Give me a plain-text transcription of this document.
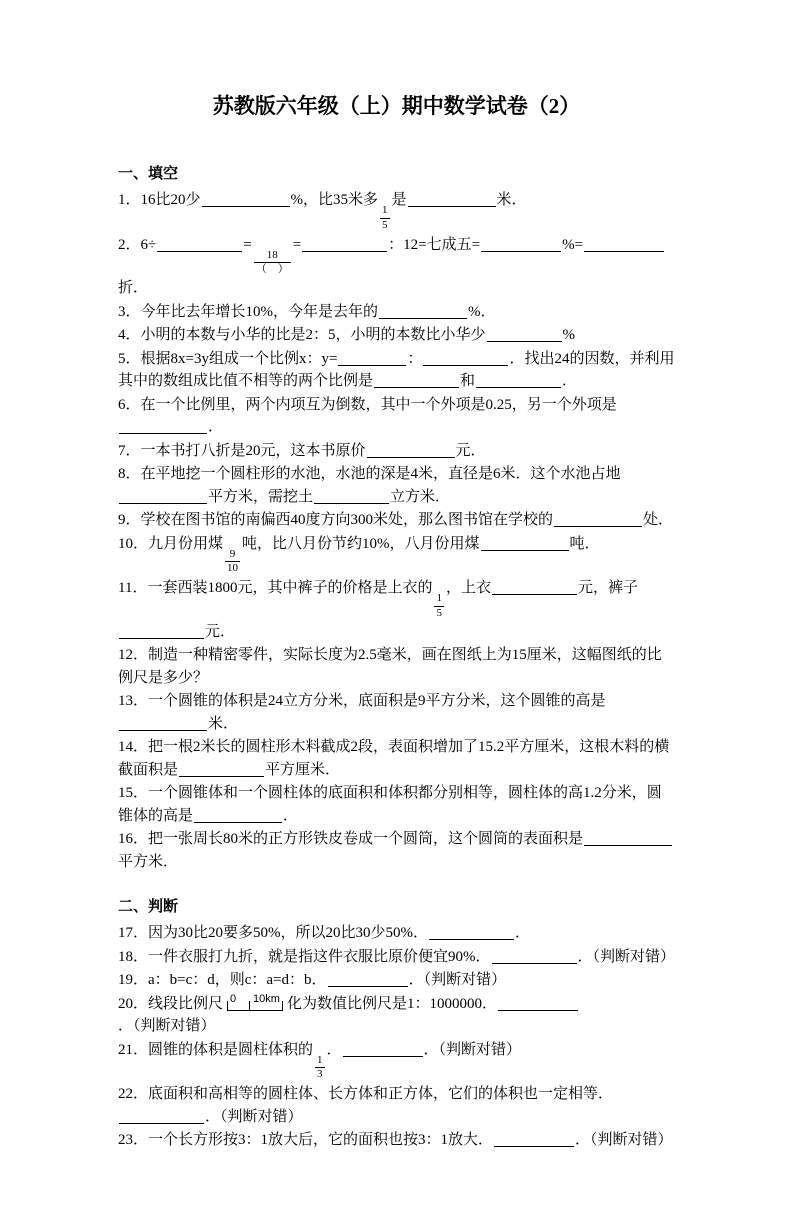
苏教版六年级（上）期中数学试卷（2）
一、填空
1．16比20少	%，比35米多
$\frac{1}{5}$
是	米．
2．6÷	=
$\frac{18}{( )}$
=	：12=七成五=	%=折．
3．今年比去年增长10%，今年是去年的	%．
4．小明的本数与小华的比是2：5，小明的本数比小华少	%
5．根据8x=3y组成一个比例x：y=	：	．找出24的因数，并利用其中的数组成比值不相等的两个比例是	和	．
6．在一个比例里，两个内项互为倒数，其中一个外项是0.25，另一个外项是．
7．一本书打八折是20元，这本书原价	元．
8．在平地挖一个圆柱形的水池，水池的深是4米，直径是6米．这个水池占地平方米，需挖土	立方米．
9．学校在图书馆的南偏西40度方向300米处，那么图书馆在学校的	处．
10．九月份用煤
$\frac{9}{10}$
吨，比八月份节约10%，八月份用煤	吨．
11．一套西装1800元，其中裤子的价格是上衣的
$\frac{1}{5}$
，上衣	元，裤子元．
12．制造一种精密零件，实际长度为2.5毫米，画在图纸上为15厘米，这幅图纸的比例尺是多少？
13．一个圆锥的体积是24立方分米，底面积是9平方分米，这个圆锥的高是米．
14．把一根2米长的圆柱形木料截成2段，表面积增加了15.2平方厘米，这根木料的横截面积是	平方厘米．
15．一个圆锥体和一个圆柱体的底面积和体积都分别相等，圆柱体的高1.2分米，圆锥体的高是	．
16．把一张周长80米的正方形铁皮卷成一个圆筒，这个圆筒的表面积是平方米．
二、判断
17．因为30比20要多50%，所以20比30少50%．	．
18．一件衣服打九折，就是指这件衣服比原价便宜90%．	．（判断对错）
19．a：b=c：d，则c：a=d：b．	．（判断对错）
20．线段比例尺 0 10km 化为数值比例尺是1：1000000．．（判断对错）
21．圆锥的体积是圆柱体积的
$\frac{1}{3}$
．	．（判断对错）
22．底面积和高相等的圆柱体、长方体和正方体，它们的体积也一定相等．．（判断对错）
23．一个长方形按3：1放大后，它的面积也按3：1放大．	．（判断对错）
